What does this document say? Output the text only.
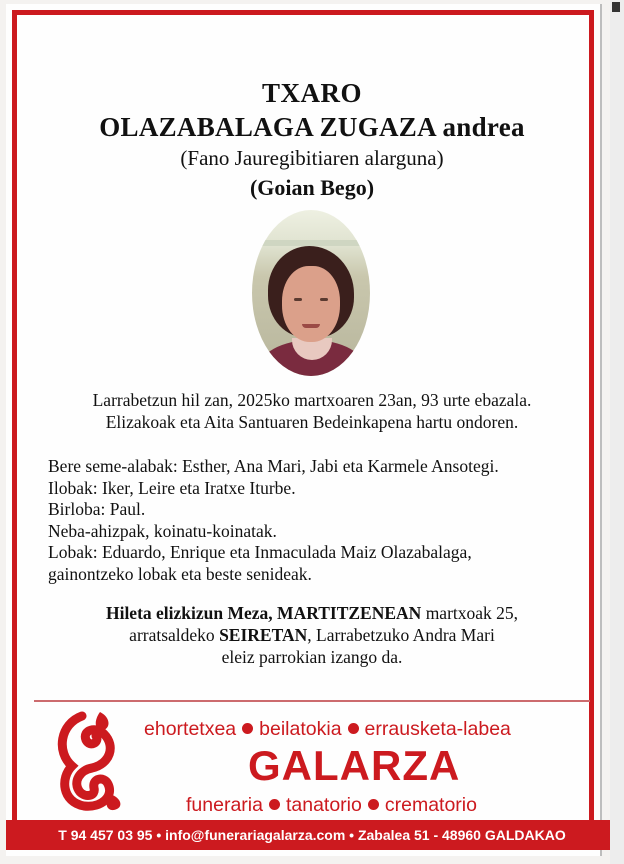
TXARO
OLAZABALAGA ZUGAZA andrea
(Fano Jauregibitiaren alarguna)
(Goian Bego)
Larrabetzun hil zan, 2025ko martxoaren 23an, 93 urte ebazala.
Elizakoak eta Aita Santuaren Bedeinkapena hartu ondoren.
Bere seme-alabak: Esther, Ana Mari, Jabi eta Karmele Ansotegi.
Ilobak: Iker, Leire eta Iratxe Iturbe.
Birloba: Paul.
Neba-ahizpak, koinatu-koinatak.
Lobak: Eduardo, Enrique eta Inmaculada Maiz Olazabalaga,
gainontzeko lobak eta beste senideak.
Hileta elizkizun Meza, MARTITZENEAN martxoak 25,
arratsaldeko SEIRETAN, Larrabetzuko Andra Mari
eleiz parrokian izango da.
ehortetxea beilatokia errausketa-labea
GALARZA
funeraria tanatorio crematorio
T 94 457 03 95 • info@funerariagalarza.com • Zabalea 51 - 48960 GALDAKAO
